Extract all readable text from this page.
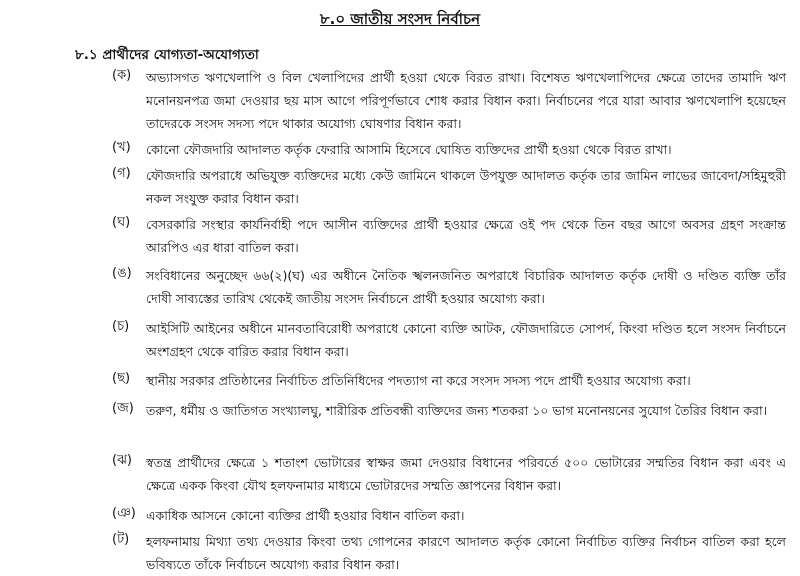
৮.০ জাতীয় সংসদ নির্বাচন
৮.১ প্রার্থীদের যোগ্যতা-অযোগ্যতা
(ক) অভ্যাসগত ঋণখেলাপি ও বিল খেলাপিদের প্রার্থী হওয়া থেকে বিরত রাখা। বিশেষত ঋণখেলাপিদের ক্ষেত্রে তাদের তামাদি ঋণ মনোনয়নপত্র জমা দেওয়ার ছয় মাস আগে পরিপূর্ণভাবে শোধ করার বিধান করা। নির্বাচনের পরে যারা আবার ঋণখেলাপি হয়েছেন তাদেরকে সংসদ সদস্য পদে থাকার অযোগ্য ঘোষণার বিধান করা।
(খ) কোনো ফৌজদারি আদালত কর্তৃক ফেরারি আসামি হিসেবে ঘোষিত ব্যক্তিদের প্রার্থী হওয়া থেকে বিরত রাখা।
(গ) ফৌজদারি অপরাধে অভিযুক্ত ব্যক্তিদের মধ্যে কেউ জামিনে থাকলে উপযুক্ত আদালত কর্তৃক তার জামিন লাভের জাবেদা/সহিমুহুরী নকল সংযুক্ত করার বিধান করা।
(ঘ) বেসরকারি সংস্থার কার্যনির্বাহী পদে আসীন ব্যক্তিদের প্রার্থী হওয়ার ক্ষেত্রে ওই পদ থেকে তিন বছর আগে অবসর গ্রহণ সংক্রান্ত আরপিও এর ধারা বাতিল করা।
(ঙ) সংবিধানের অনুচ্ছেদ ৬৬(২)(ঘ) এর অধীনে নৈতিক স্খলনজনিত অপরাধে বিচারিক আদালত কর্তৃক দোষী ও দণ্ডিত ব্যক্তি তাঁর দোষী সাব্যস্তের তারিখ থেকেই জাতীয় সংসদ নির্বাচনে প্রার্থী হওয়ার অযোগ্য করা।
(চ) আইসিটি আইনের অধীনে মানবতাবিরোধী অপরাধে কোনো ব্যক্তি আটক, ফৌজদারিতে সোপর্দ, কিংবা দণ্ডিত হলে সংসদ নির্বাচনে অংশগ্রহণ থেকে বারিত করার বিধান করা।
(ছ) স্থানীয় সরকার প্রতিষ্ঠানের নির্বাচিত প্রতিনিধিদের পদত্যাগ না করে সংসদ সদস্য পদে প্রার্থী হওয়ার অযোগ্য করা।
(জ) তরুণ, ধর্মীয় ও জাতিগত সংখ্যালঘু, শারীরিক প্রতিবন্ধী ব্যক্তিদের জন্য শতকরা ১০ ভাগ মনোনয়নের সুযোগ তৈরির বিধান করা।
(ঝ) স্বতন্ত্র প্রার্থীদের ক্ষেত্রে ১ শতাংশ ভোটারের স্বাক্ষর জমা দেওয়ার বিধানের পরিবর্তে ৫০০ ভোটারের সম্মতির বিধান করা এবং এ ক্ষেত্রে একক কিংবা যৌথ হলফনামার মাধ্যমে ভোটারদের সম্মতি জ্ঞাপনের বিধান করা।
(ঞ) একাধিক আসনে কোনো ব্যক্তির প্রার্থী হওয়ার বিধান বাতিল করা।
(ট) হলফনামায় মিথ্যা তথ্য দেওয়ার কিংবা তথ্য গোপনের কারণে আদালত কর্তৃক কোনো নির্বাচিত ব্যক্তির নির্বাচন বাতিল করা হলে ভবিষ্যতে তাঁকে নির্বাচনে অযোগ্য করার বিধান করা।
